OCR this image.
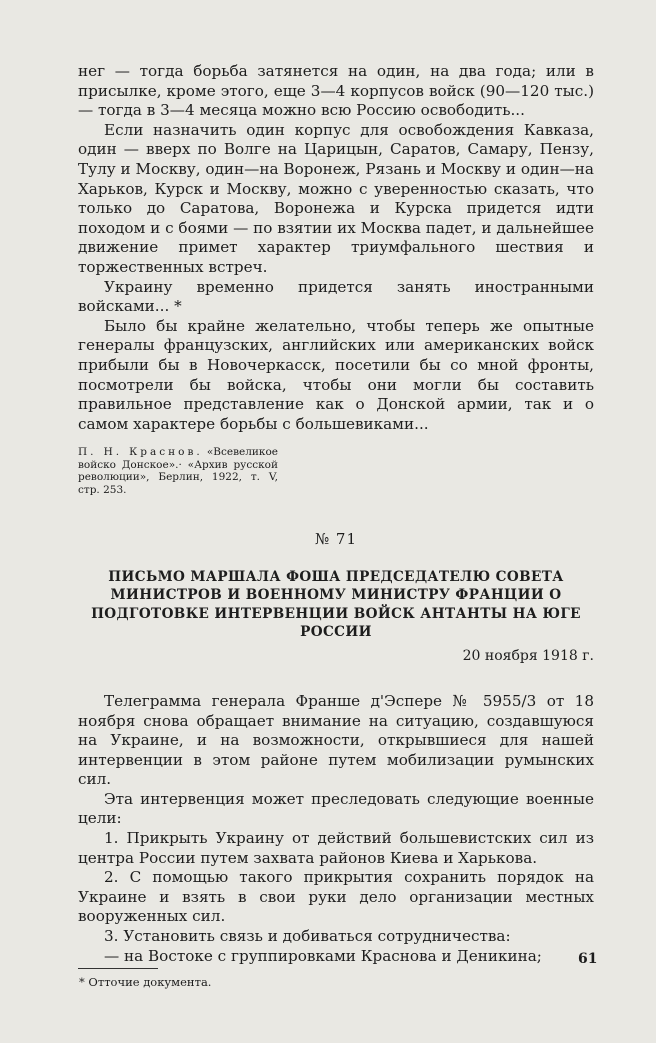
нег — тогда борьба затянется на один, на два года; или в присылке, кроме этого, еще 3—4 корпусов войск (90—120 тыс.) — тогда в 3—4 месяца можно всю Россию освободить...

Если назначить один корпус для освобождения Кавказа, один — вверх по Волге на Царицын, Саратов, Самару, Пензу, Тулу и Москву, один—на Воронеж, Рязань и Москву и один—на Харьков, Курск и Москву, можно с уверенностью сказать, что только до Саратова, Воронежа и Курска придется идти походом и с боями — по взятии их Москва падет, и дальнейшее движение примет характер триумфального шествия и торжественных встреч.

Украину временно придется занять иностранными войсками... *

Было бы крайне желательно, чтобы теперь же опытные генералы французских, английских или американских войск прибыли бы в Новочеркасск, посетили бы со мной фронты, посмотрели бы войска, чтобы они могли бы составить правильное представление как о Донской армии, так и о самом характере борьбы с большевиками...

П. Н. Краснов. «Всевеликое войско Донское».· «Архив русской революции», Берлин, 1922, т. V, стр. 253.
№ 71
ПИСЬМО МАРШАЛА ФОША ПРЕДСЕДАТЕЛЮ СОВЕТА МИНИСТРОВ И ВОЕННОМУ МИНИСТРУ ФРАНЦИИ О ПОДГОТОВКЕ ИНТЕРВЕНЦИИ ВОЙСК АНТАНТЫ НА ЮГЕ РОССИИ
20 ноября 1918 г.

Телеграмма генерала Франше д'Эспере № 5955/3 от 18 ноября снова обращает внимание на ситуацию, создавшуюся на Украине, и на возможности, открывшиеся для нашей интервенции в этом районе путем мобилизации румынских сил.

Эта интервенция может преследовать следующие военные цели:

1. Прикрыть Украину от действий большевистских сил из центра России путем захвата районов Киева и Харькова.

2. С помощью такого прикрытия сохранить порядок на Украине и взять в свои руки дело организации местных вооруженных сил.

3. Установить связь и добиваться сотрудничества:

— на Востоке с группировками Краснова и Деникина;

* Отточие документа.

61
